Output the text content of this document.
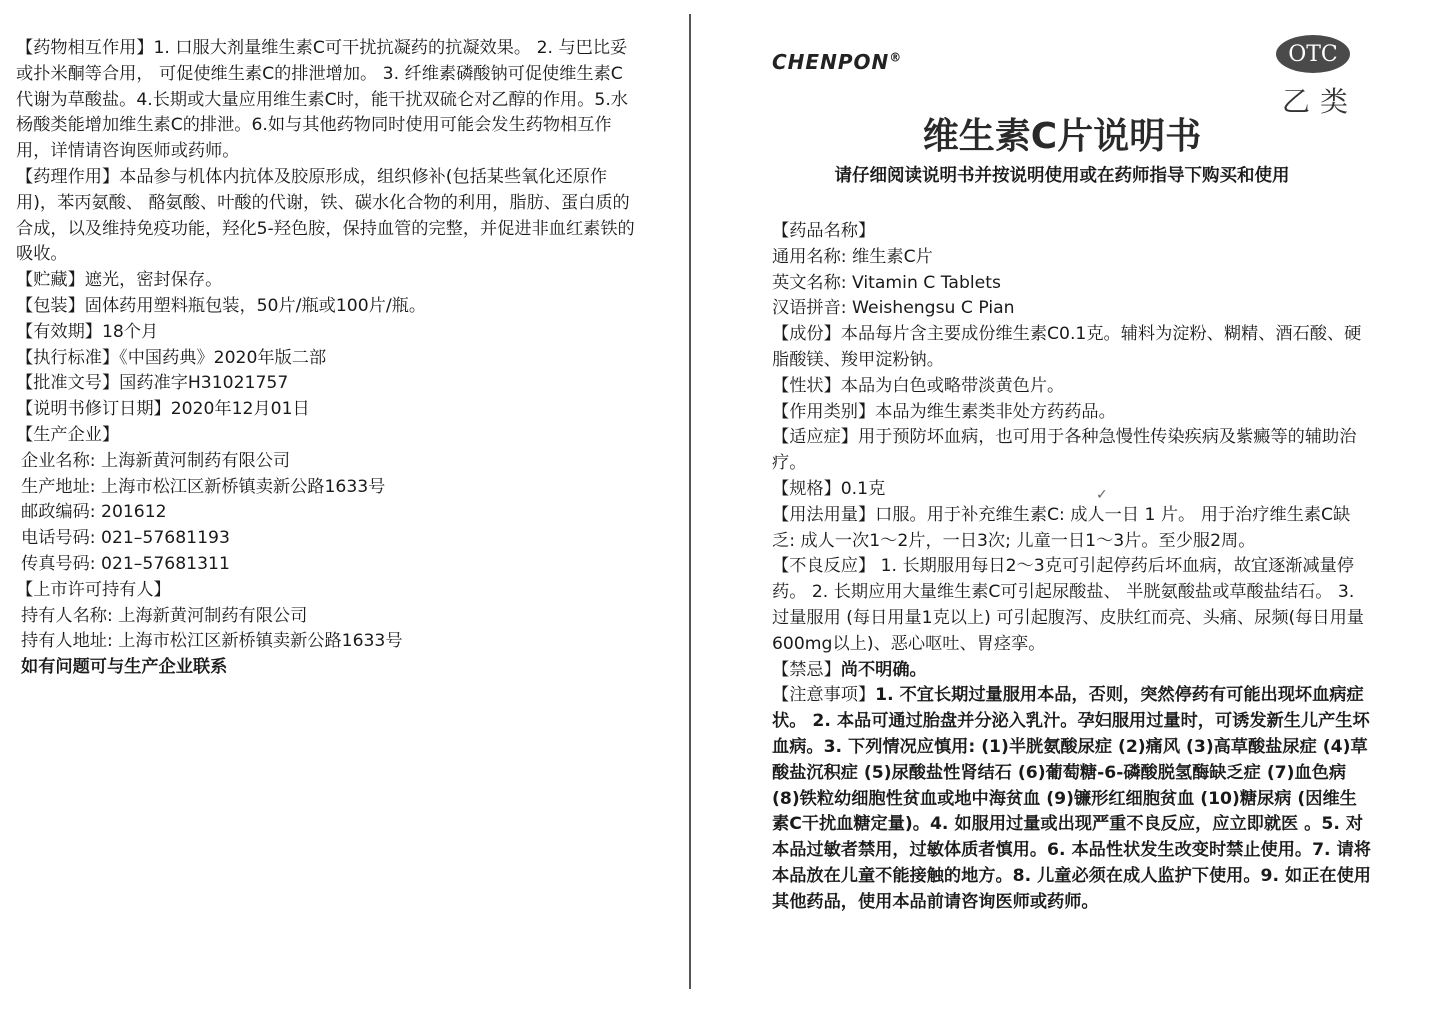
【药物相互作用】1. 口服大剂量维生素C可干扰抗凝药的抗凝效果。 2. 与巴比妥或扑米酮等合用， 可促使维生素C的排泄增加。 3. 纤维素磷酸钠可促使维生素C代谢为草酸盐。4.长期或大量应用维生素C时，能干扰双硫仑对乙醇的作用。5.水杨酸类能增加维生素C的排泄。6.如与其他药物同时使用可能会发生药物相互作用，详情请咨询医师或药师。

【药理作用】本品参与机体内抗体及胶原形成，组织修补(包括某些氧化还原作用)，苯丙氨酸、 酪氨酸、叶酸的代谢，铁、碳水化合物的利用，脂肪、蛋白质的合成，以及维持免疫功能，羟化5-羟色胺，保持血管的完整，并促进非血红素铁的吸收。

【贮藏】遮光，密封保存。

【包装】固体药用塑料瓶包装，50片/瓶或100片/瓶。

【有效期】18个月

【执行标准】《中国药典》2020年版二部

【批准文号】国药准字H31021757

【说明书修订日期】2020年12月01日

【生产企业】

企业名称: 上海新黄河制药有限公司

生产地址: 上海市松江区新桥镇卖新公路1633号

邮政编码: 201612

电话号码: 021–57681193

传真号码: 021–57681311

【上市许可持有人】

持有人名称: 上海新黄河制药有限公司

持有人地址: 上海市松江区新桥镇卖新公路1633号

如有问题可与生产企业联系

CHENPON®	OTC
乙类
维生素C片说明书

请仔细阅读说明书并按说明使用或在药师指导下购买和使用

【药品名称】

通用名称: 维生素C片

英文名称: Vitamin C Tablets

汉语拼音: Weishengsu C Pian

【成份】本品每片含主要成份维生素C0.1克。辅料为淀粉、糊精、酒石酸、硬脂酸镁、羧甲淀粉钠。

【性状】本品为白色或略带淡黄色片。

【作用类别】本品为维生素类非处方药药品。

【适应症】用于预防坏血病，也可用于各种急慢性传染疾病及紫癜等的辅助治疗。

【规格】0.1克

【用法用量】口服。用于补充维生素C: 成人一日 1 片。 用于治疗维生素C缺乏: 成人一次1～2片，一日3次; 儿童一日1～3片。至少服2周。

【不良反应】 1. 长期服用每日2～3克可引起停药后坏血病，故宜逐渐减量停药。 2. 长期应用大量维生素C可引起尿酸盐、 半胱氨酸盐或草酸盐结石。 3. 过量服用 (每日用量1克以上) 可引起腹泻、皮肤红而亮、头痛、尿频(每日用量600mg以上)、恶心呕吐、胃痉挛。

【禁忌】尚不明确。

【注意事项】1. 不宜长期过量服用本品，否则，突然停药有可能出现坏血病症状。 2. 本品可通过胎盘并分泌入乳汁。孕妇服用过量时，可诱发新生儿产生坏血病。3. 下列情况应慎用: (1)半胱氨酸尿症 (2)痛风 (3)高草酸盐尿症 (4)草酸盐沉积症 (5)尿酸盐性肾结石 (6)葡萄糖-6-磷酸脱氢酶缺乏症 (7)血色病 (8)铁粒幼细胞性贫血或地中海贫血 (9)镰形红细胞贫血 (10)糖尿病 (因维生素C干扰血糖定量)。4. 如服用过量或出现严重不良反应，应立即就医 。5. 对本品过敏者禁用，过敏体质者慎用。6. 本品性状发生改变时禁止使用。7. 请将本品放在儿童不能接触的地方。8. 儿童必须在成人监护下使用。9. 如正在使用其他药品，使用本品前请咨询医师或药师。

✓
